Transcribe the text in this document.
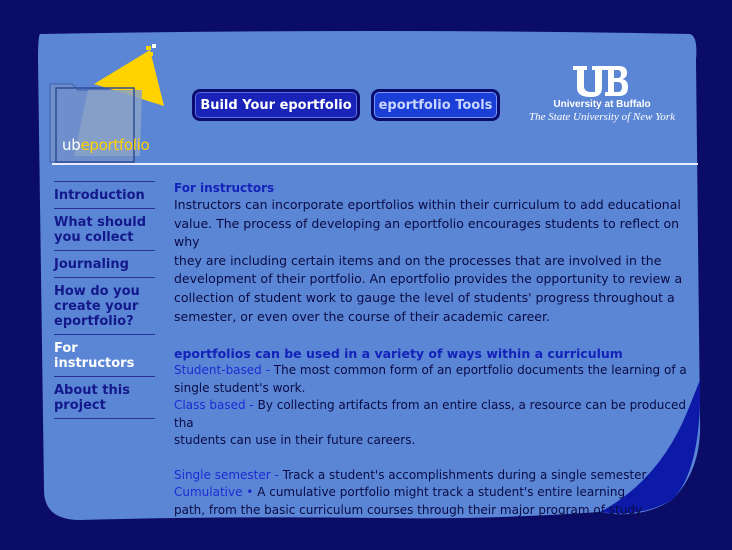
ubeportfolio
Build Your eportfolio	eportfolio Tools	University at Buffalo
The State University of New York
Introduction
What should you collect
Journaling
How do you create your eportfolio?
For instructors
About this project
For instructors

Instructors can incorporate eportfolios within their curriculum to add educational
value. The process of developing an eportfolio encourages students to reflect on why
they are including certain items and on the processes that are involved in the
development of their portfolio. An eportfolio provides the opportunity to review a
collection of student work to gauge the level of students' progress throughout a
semester, or even over the course of their academic career.

eportfolios can be used in a variety of ways within a curriculum

Student-based - The most common form of an eportfolio documents the learning of a
single student's work.

Class based - By collecting artifacts from an entire class, a resource can be produced tha
students can use in their future careers.

Single semester - Track a student's accomplishments during a single semester.

Cumulative • A cumulative portfolio might track a student's entire learning
path, from the basic curriculum courses through their major program of study.
